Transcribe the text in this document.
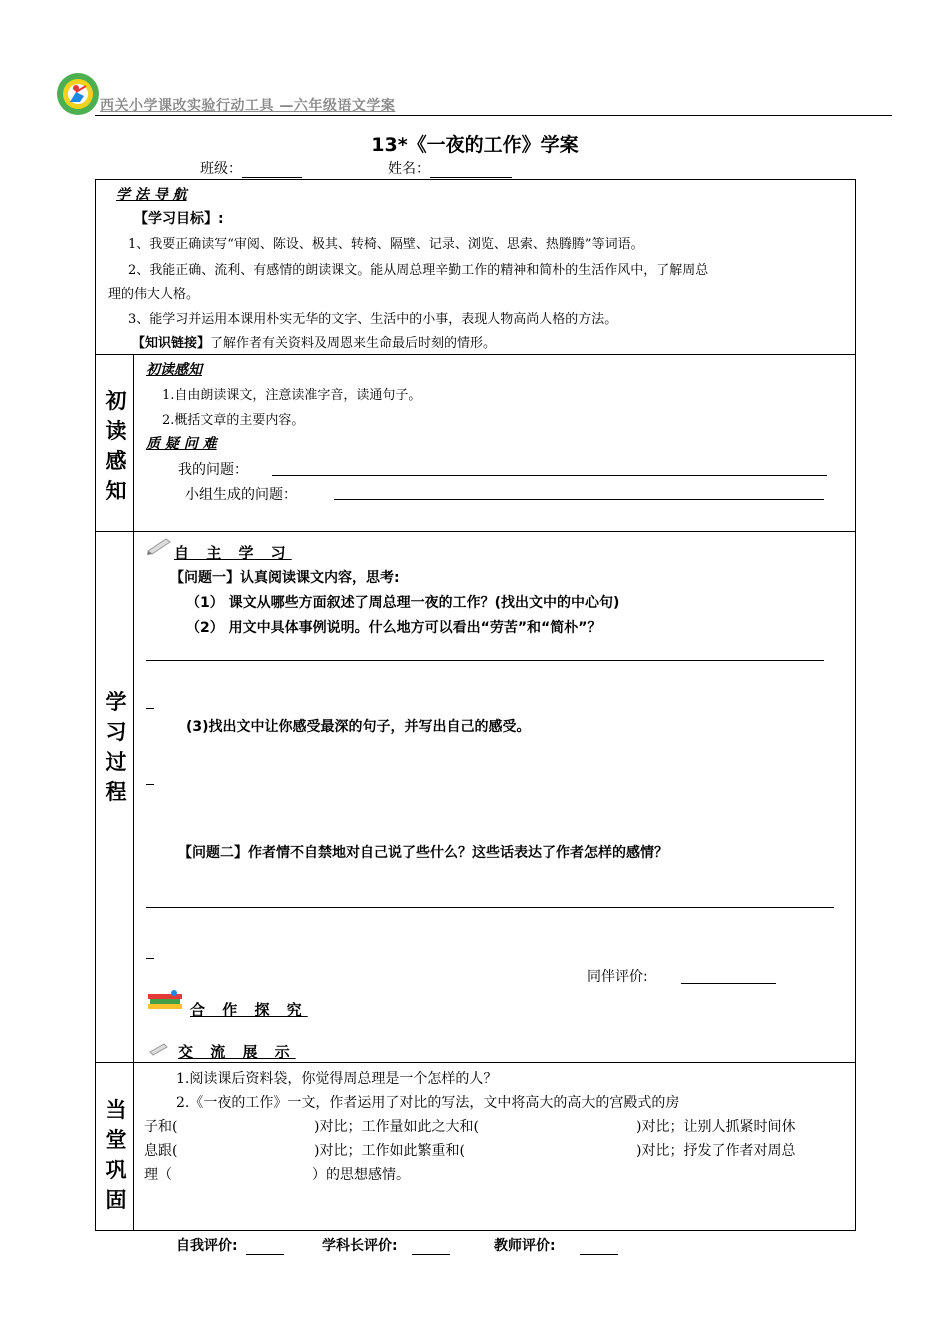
西关小学课改实验行动工具 —六年级语文学案
13*《一夜的工作》学案
班级：	姓名：
学 法 导 航
【学习目标】:
1、我要正确读写“审阅、陈设、极其、转椅、隔壁、记录、浏览、思索、热腾腾”等词语。
2、我能正确、流利、有感情的朗读课文。能从周总理辛勤工作的精神和简朴的生活作风中，了解周总
理的伟大人格。
3、能学习并运用本课用朴实无华的文字、生活中的小事，表现人物高尚人格的方法。
【知识链接】了解作者有关资料及周恩来生命最后时刻的情形。
初
读
感
知
初读感知
1.自由朗读课文，注意读准字音，读通句子。
2.概括文章的主要内容。
质 疑 问 难
我的问题：
小组生成的问题：
学
习
过
程
自 主 学 习
【问题一】认真阅读课文内容，思考:
（1） 课文从哪些方面叙述了周总理一夜的工作？(找出文中的中心句)
（2） 用文中具体事例说明。什么地方可以看出“劳苦”和“简朴”？
(3)找出文中让你感受最深的句子，并写出自己的感受。
【问题二】作者情不自禁地对自己说了些什么？这些话表达了作者怎样的感情？
同伴评价:
合 作 探 究
交 流 展 示
当
堂
巩
固
1.阅读课后资料袋，你觉得周总理是一个怎样的人？
2.《一夜的工作》一文，作者运用了对比的写法，文中将高大的高大的宫殿式的房
子和(	)对比；工作量如此之大和(	)对比；让别人抓紧时间休
息跟(	)对比；工作如此繁重和(	)对比；抒发了作者对周总
理（	）的思想感情。
自我评价:	学科长评价:	教师评价:
